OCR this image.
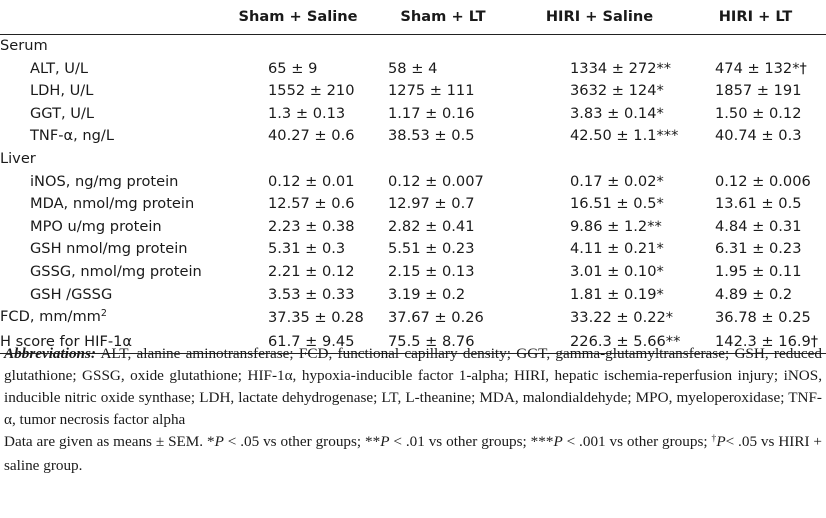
	Sham + Saline	Sham + LT	HIRI + Saline	HIRI + LT
Serum				
ALT, U/L	65 ± 9	58 ± 4	1334 ± 272**	474 ± 132*†
LDH, U/L	1552 ± 210	1275 ± 111	3632 ± 124*	1857 ± 191
GGT, U/L	1.3 ± 0.13	1.17 ± 0.16	3.83 ± 0.14*	1.50 ± 0.12
TNF-α, ng/L	40.27 ± 0.6	38.53 ± 0.5	42.50 ± 1.1***	40.74 ± 0.3
Liver				
iNOS, ng/mg protein	0.12 ± 0.01	0.12 ± 0.007	0.17 ± 0.02*	0.12 ± 0.006
MDA, nmol/mg protein	12.57 ± 0.6	12.97 ± 0.7	16.51 ± 0.5*	13.61 ± 0.5
MPO u/mg protein	2.23 ± 0.38	2.82 ± 0.41	9.86 ± 1.2**	4.84 ± 0.31
GSH nmol/mg protein	5.31 ± 0.3	5.51 ± 0.23	4.11 ± 0.21*	6.31 ± 0.23
GSSG, nmol/mg protein	2.21 ± 0.12	2.15 ± 0.13	3.01 ± 0.10*	1.95 ± 0.11
GSH /GSSG	3.53 ± 0.33	3.19 ± 0.2	1.81 ± 0.19*	4.89 ± 0.2
FCD, $mm/mm^2$	37.35 ± 0.28	37.67 ± 0.26	33.22 ± 0.22*	36.78 ± 0.25
H score for HIF-1α	61.7 ± 9.45	75.5 ± 8.76	226.3 ± 5.66**	142.3 ± 16.9†

Abbreviations: ALT, alanine aminotransferase; FCD, functional capillary density; GGT, gamma-glutamyltransferase; GSH, reduced glutathione; GSSG, oxide glutathione; HIF-1α, hypoxia-inducible factor 1-alpha; HIRI, hepatic ischemia-reperfusion injury; iNOS, inducible nitric oxide synthase; LDH, lactate dehydrogenase; LT, L-theanine; MDA, malondialdehyde; MPO, myeloperoxidase; TNF-α, tumor necrosis factor alpha

Data are given as means ± SEM. *P < .05 vs other groups; **P < .01 vs other groups; ***P < .001 vs other groups; †P< .05 vs HIRI + saline group.
